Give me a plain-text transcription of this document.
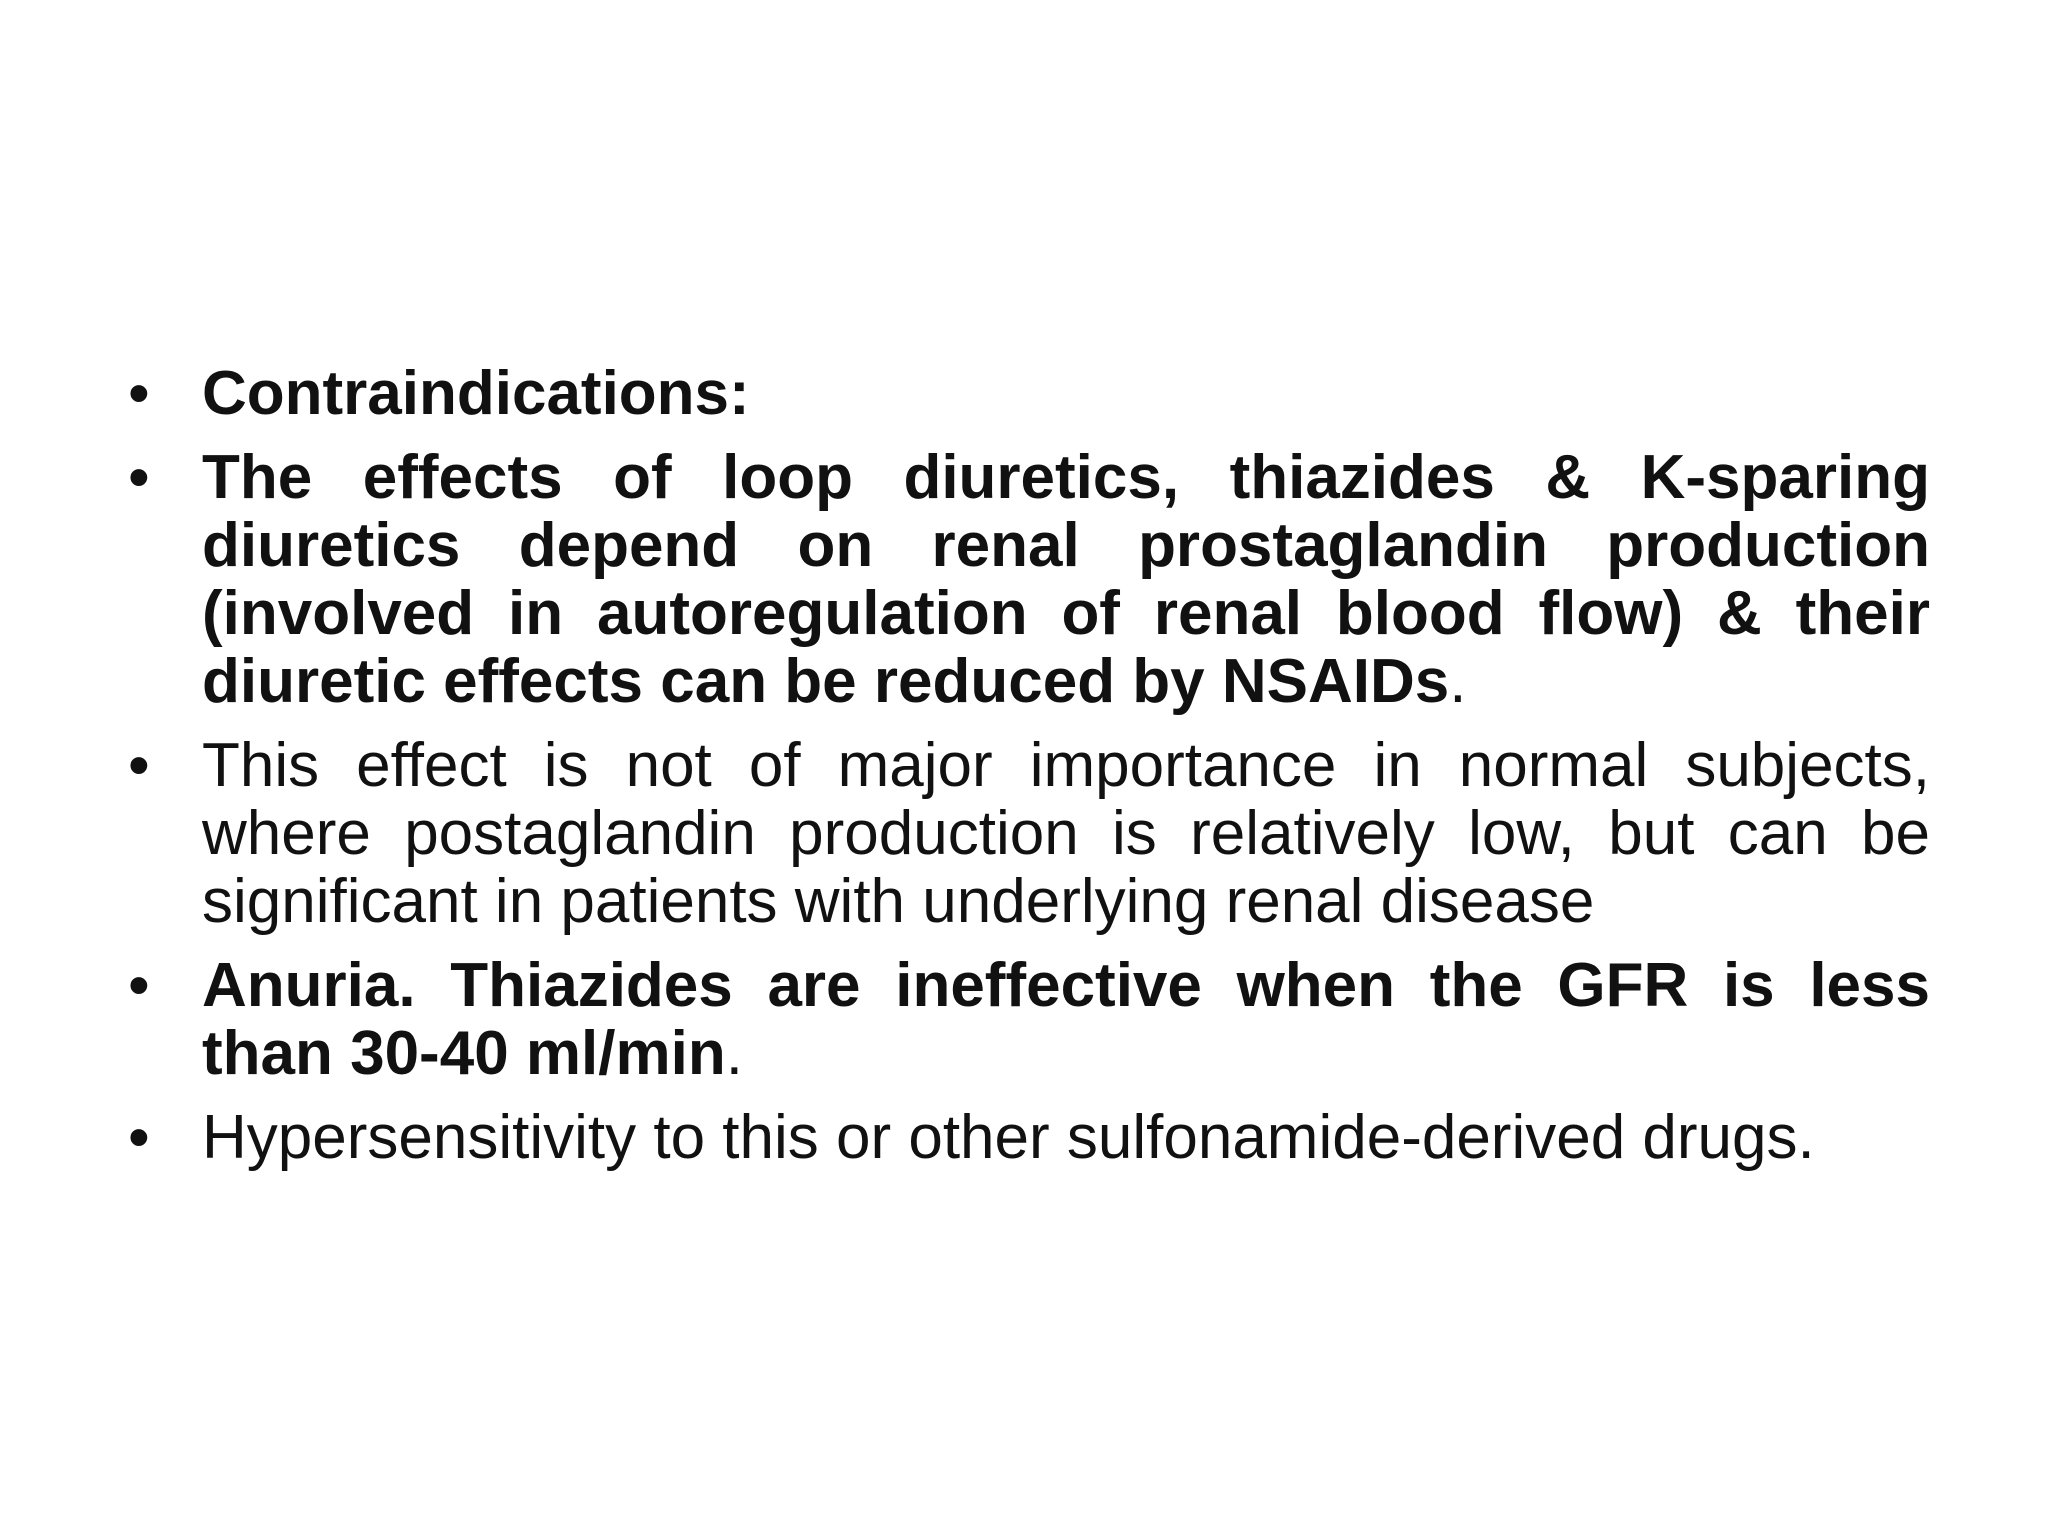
• Contraindications:
• The effects of loop diuretics, thiazides & K-sparing diuretics depend on renal prostaglandin production (involved in autoregulation of renal blood flow) & their diuretic effects can be reduced by NSAIDs.
• This effect is not of major importance in normal subjects, where postaglandin production is relatively low, but can be significant in patients with underlying renal disease
• Anuria. Thiazides are ineffective when the GFR is less than 30-40 ml/min.
• Hypersensitivity to this or other sulfonamide-derived drugs.
